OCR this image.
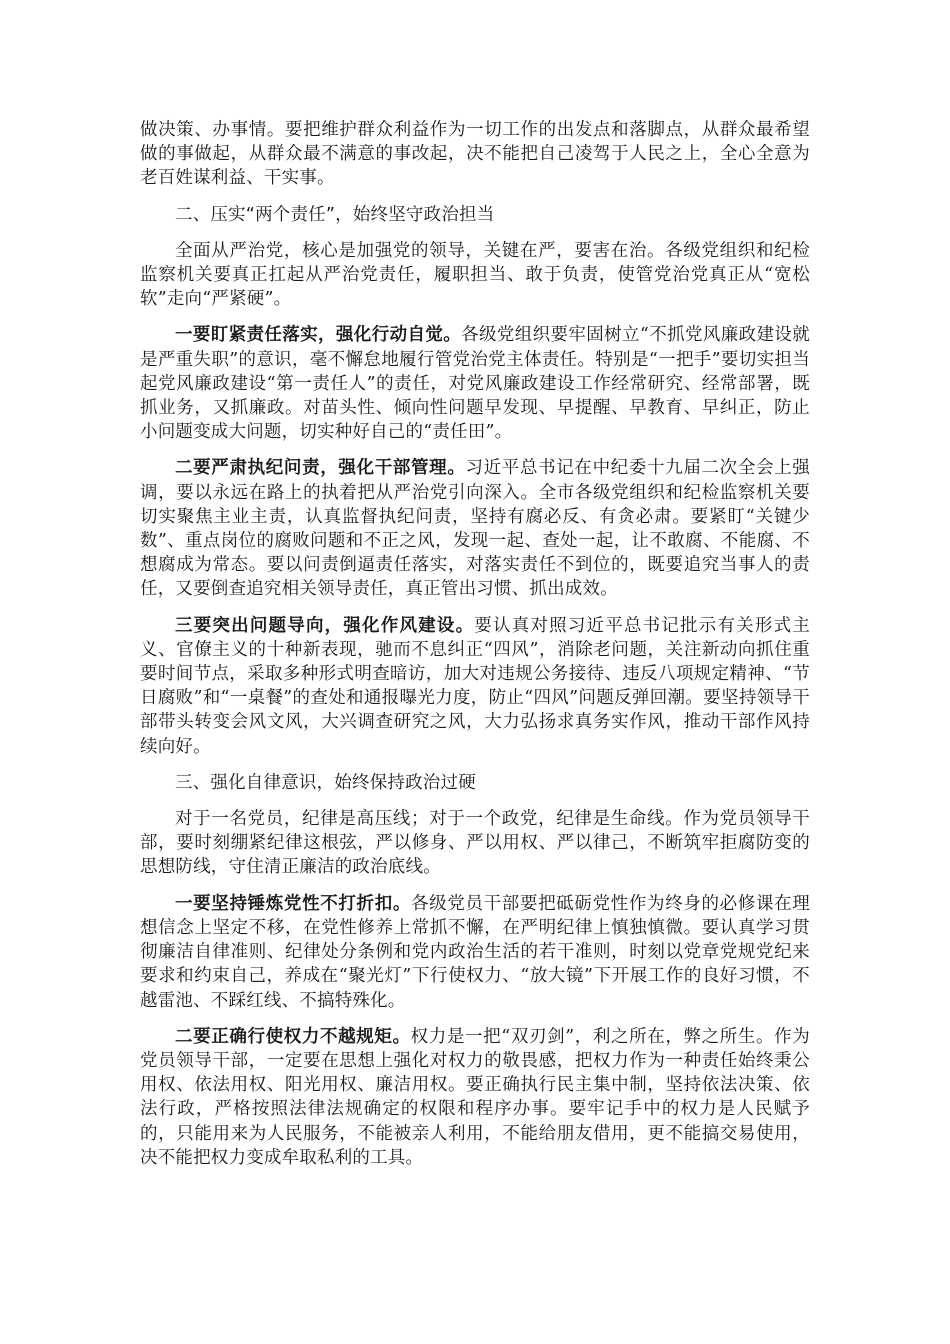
做决策、办事情。要把维护群众利益作为一切工作的出发点和落脚点，从群众最希望做的事做起，从群众最不满意的事改起，决不能把自己凌驾于人民之上，全心全意为老百姓谋利益、干实事。

二、压实“两个责任”，始终坚守政治担当

全面从严治党，核心是加强党的领导，关键在严，要害在治。各级党组织和纪检监察机关要真正扛起从严治党责任，履职担当、敢于负责，使管党治党真正从“宽松软”走向“严紧硬”。

一要盯紧责任落实，强化行动自觉。各级党组织要牢固树立“不抓党风廉政建设就是严重失职”的意识，毫不懈怠地履行管党治党主体责任。特别是“一把手”要切实担当起党风廉政建设“第一责任人”的责任，对党风廉政建设工作经常研究、经常部署，既抓业务，又抓廉政。对苗头性、倾向性问题早发现、早提醒、早教育、早纠正，防止小问题变成大问题，切实种好自己的“责任田”。

二要严肃执纪问责，强化干部管理。习近平总书记在中纪委十九届二次全会上强调，要以永远在路上的执着把从严治党引向深入。全市各级党组织和纪检监察机关要切实聚焦主业主责，认真监督执纪问责，坚持有腐必反、有贪必肃。要紧盯“关键少数”、重点岗位的腐败问题和不正之风，发现一起、查处一起，让不敢腐、不能腐、不想腐成为常态。要以问责倒逼责任落实，对落实责任不到位的，既要追究当事人的责任，又要倒查追究相关领导责任，真正管出习惯、抓出成效。

三要突出问题导向，强化作风建设。要认真对照习近平总书记批示有关形式主义、官僚主义的十种新表现，驰而不息纠正“四风”，消除老问题，关注新动向抓住重要时间节点，采取多种形式明查暗访，加大对违规公务接待、违反八项规定精神、“节日腐败”和“一桌餐”的查处和通报曝光力度，防止“四风”问题反弹回潮。要坚持领导干部带头转变会风文风，大兴调查研究之风，大力弘扬求真务实作风，推动干部作风持续向好。

三、强化自律意识，始终保持政治过硬

对于一名党员，纪律是高压线；对于一个政党，纪律是生命线。作为党员领导干部，要时刻绷紧纪律这根弦，严以修身、严以用权、严以律己，不断筑牢拒腐防变的思想防线，守住清正廉洁的政治底线。

一要坚持锤炼党性不打折扣。各级党员干部要把砥砺党性作为终身的必修课在理想信念上坚定不移，在党性修养上常抓不懈，在严明纪律上慎独慎微。要认真学习贯彻廉洁自律准则、纪律处分条例和党内政治生活的若干准则，时刻以党章党规党纪来要求和约束自己，养成在“聚光灯”下行使权力、“放大镜”下开展工作的良好习惯，不越雷池、不踩红线、不搞特殊化。

二要正确行使权力不越规矩。权力是一把“双刃剑”，利之所在，弊之所生。作为党员领导干部，一定要在思想上强化对权力的敬畏感，把权力作为一种责任始终秉公用权、依法用权、阳光用权、廉洁用权。要正确执行民主集中制，坚持依法决策、依法行政，严格按照法律法规确定的权限和程序办事。要牢记手中的权力是人民赋予的，只能用来为人民服务，不能被亲人利用，不能给朋友借用，更不能搞交易使用，决不能把权力变成牟取私利的工具。
